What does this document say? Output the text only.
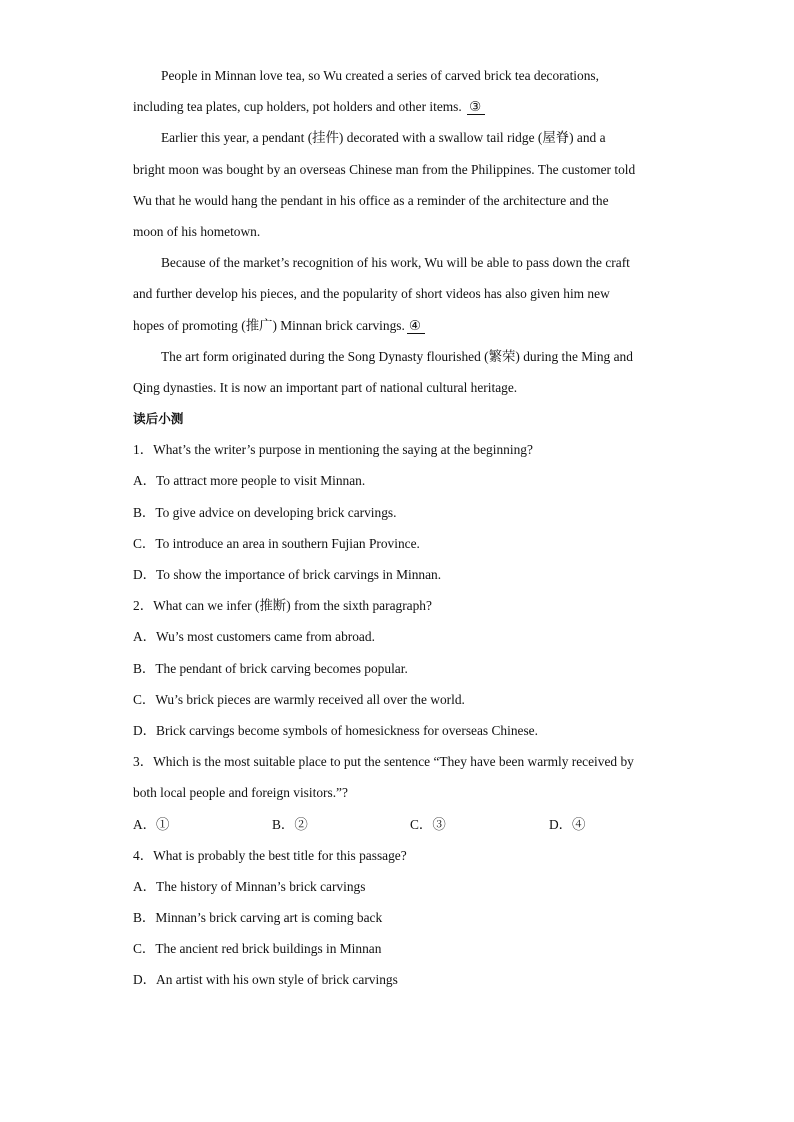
People in Minnan love tea, so Wu created a series of carved brick tea decorations,
including tea plates, cup holders, pot holders and other items. ③
Earlier this year, a pendant (挂件) decorated with a swallow tail ridge (屋脊) and a
bright moon was bought by an overseas Chinese man from the Philippines. The customer told
Wu that he would hang the pendant in his office as a reminder of the architecture and the
moon of his hometown.
Because of the market’s recognition of his work, Wu will be able to pass down the craft
and further develop his pieces, and the popularity of short videos has also given him new
hopes of promoting (推广) Minnan brick carvings. ④
The art form originated during the Song Dynasty flourished (繁荣) during the Ming and
Qing dynasties. It is now an important part of national cultural heritage.
读后小测
1．What’s the writer’s purpose in mentioning the saying at the beginning?
A．To attract more people to visit Minnan.
B．To give advice on developing brick carvings.
C．To introduce an area in southern Fujian Province.
D．To show the importance of brick carvings in Minnan.
2．What can we infer (推断) from the sixth paragraph?
A．Wu’s most customers came from abroad.
B．The pendant of brick carving becomes popular.
C．Wu’s brick pieces are warmly received all over the world.
D．Brick carvings become symbols of homesickness for overseas Chinese.
3．Which is the most suitable place to put the sentence “They have been warmly received by
both local people and foreign visitors.”?
A．①	B．②	C．③	D．④
4．What is probably the best title for this passage?
A．The history of Minnan’s brick carvings
B．Minnan’s brick carving art is coming back
C．The ancient red brick buildings in Minnan
D．An artist with his own style of brick carvings
